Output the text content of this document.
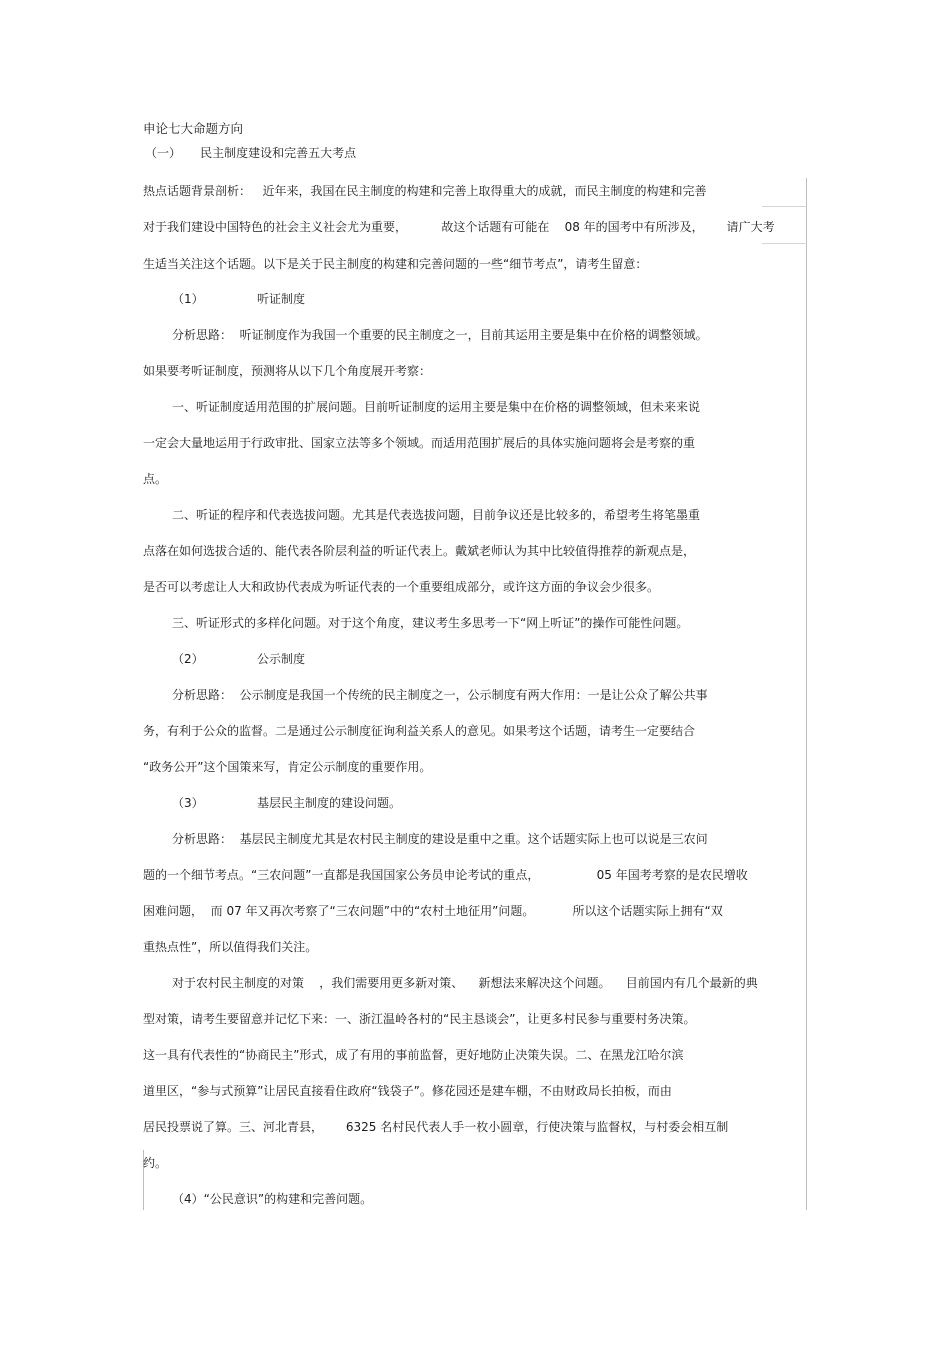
申论七大命题方向
（一）     民主制度建设和完善五大考点
热点话题背景剖析：   近年来，我国在民主制度的构建和完善上取得重大的成就，而民主制度的构建和完善
对于我们建设中国特色的社会主义社会尤为重要，         故这个话题有可能在    08 年的国考中有所涉及，      请广大考
生适当关注这个话题。以下是关于民主制度的构建和完善问题的一些“细节考点”，请考生留意：
（1）              听证制度
分析思路：  听证制度作为我国一个重要的民主制度之一，目前其运用主要是集中在价格的调整领域。
如果要考听证制度，预测将从以下几个角度展开考察：
一、听证制度适用范围的扩展问题。目前听证制度的运用主要是集中在价格的调整领域，但未来来说
一定会大量地运用于行政审批、国家立法等多个领域。而适用范围扩展后的具体实施问题将会是考察的重
点。
二、听证的程序和代表选拔问题。尤其是代表选拔问题，目前争议还是比较多的，希望考生将笔墨重
点落在如何选拔合适的、能代表各阶层利益的听证代表上。戴斌老师认为其中比较值得推荐的新观点是，
是否可以考虑让人大和政协代表成为听证代表的一个重要组成部分，或许这方面的争议会少很多。
三、听证形式的多样化问题。对于这个角度，建议考生多思考一下“网上听证”的操作可能性问题。
（2）              公示制度
分析思路：  公示制度是我国一个传统的民主制度之一，公示制度有两大作用：一是让公众了解公共事
务，有利于公众的监督。二是通过公示制度征询利益关系人的意见。如果考这个话题，请考生一定要结合
“政务公开”这个国策来写，肯定公示制度的重要作用。
（3）              基层民主制度的建设问题。
分析思路：  基层民主制度尤其是农村民主制度的建设是重中之重。这个话题实际上也可以说是三农问
题的一个细节考点。“三农问题”一直都是我国国家公务员申论考试的重点，               05 年国考考察的是农民增收
困难问题，  而 07 年又再次考察了“三农问题”中的“农村土地征用”问题。          所以这个话题实际上拥有“双
重热点性”，所以值得我们关注。
对于农村民主制度的对策    ，我们需要用更多新对策、    新想法来解决这个问题。    目前国内有几个最新的典
型对策，请考生要留意并记忆下来：一、浙江温岭各村的“民主恳谈会”，让更多村民参与重要村务决策。
这一具有代表性的“协商民主”形式，成了有用的事前监督，更好地防止决策失误。二、在黑龙江哈尔滨
道里区，“参与式预算”让居民直接看住政府“钱袋子”。修花园还是建车棚，不由财政局长拍板，而由
居民投票说了算。三、河北青县，      6325 名村民代表人手一枚小圆章，行使决策与监督权，与村委会相互制
约。
（4）“公民意识”的构建和完善问题。
